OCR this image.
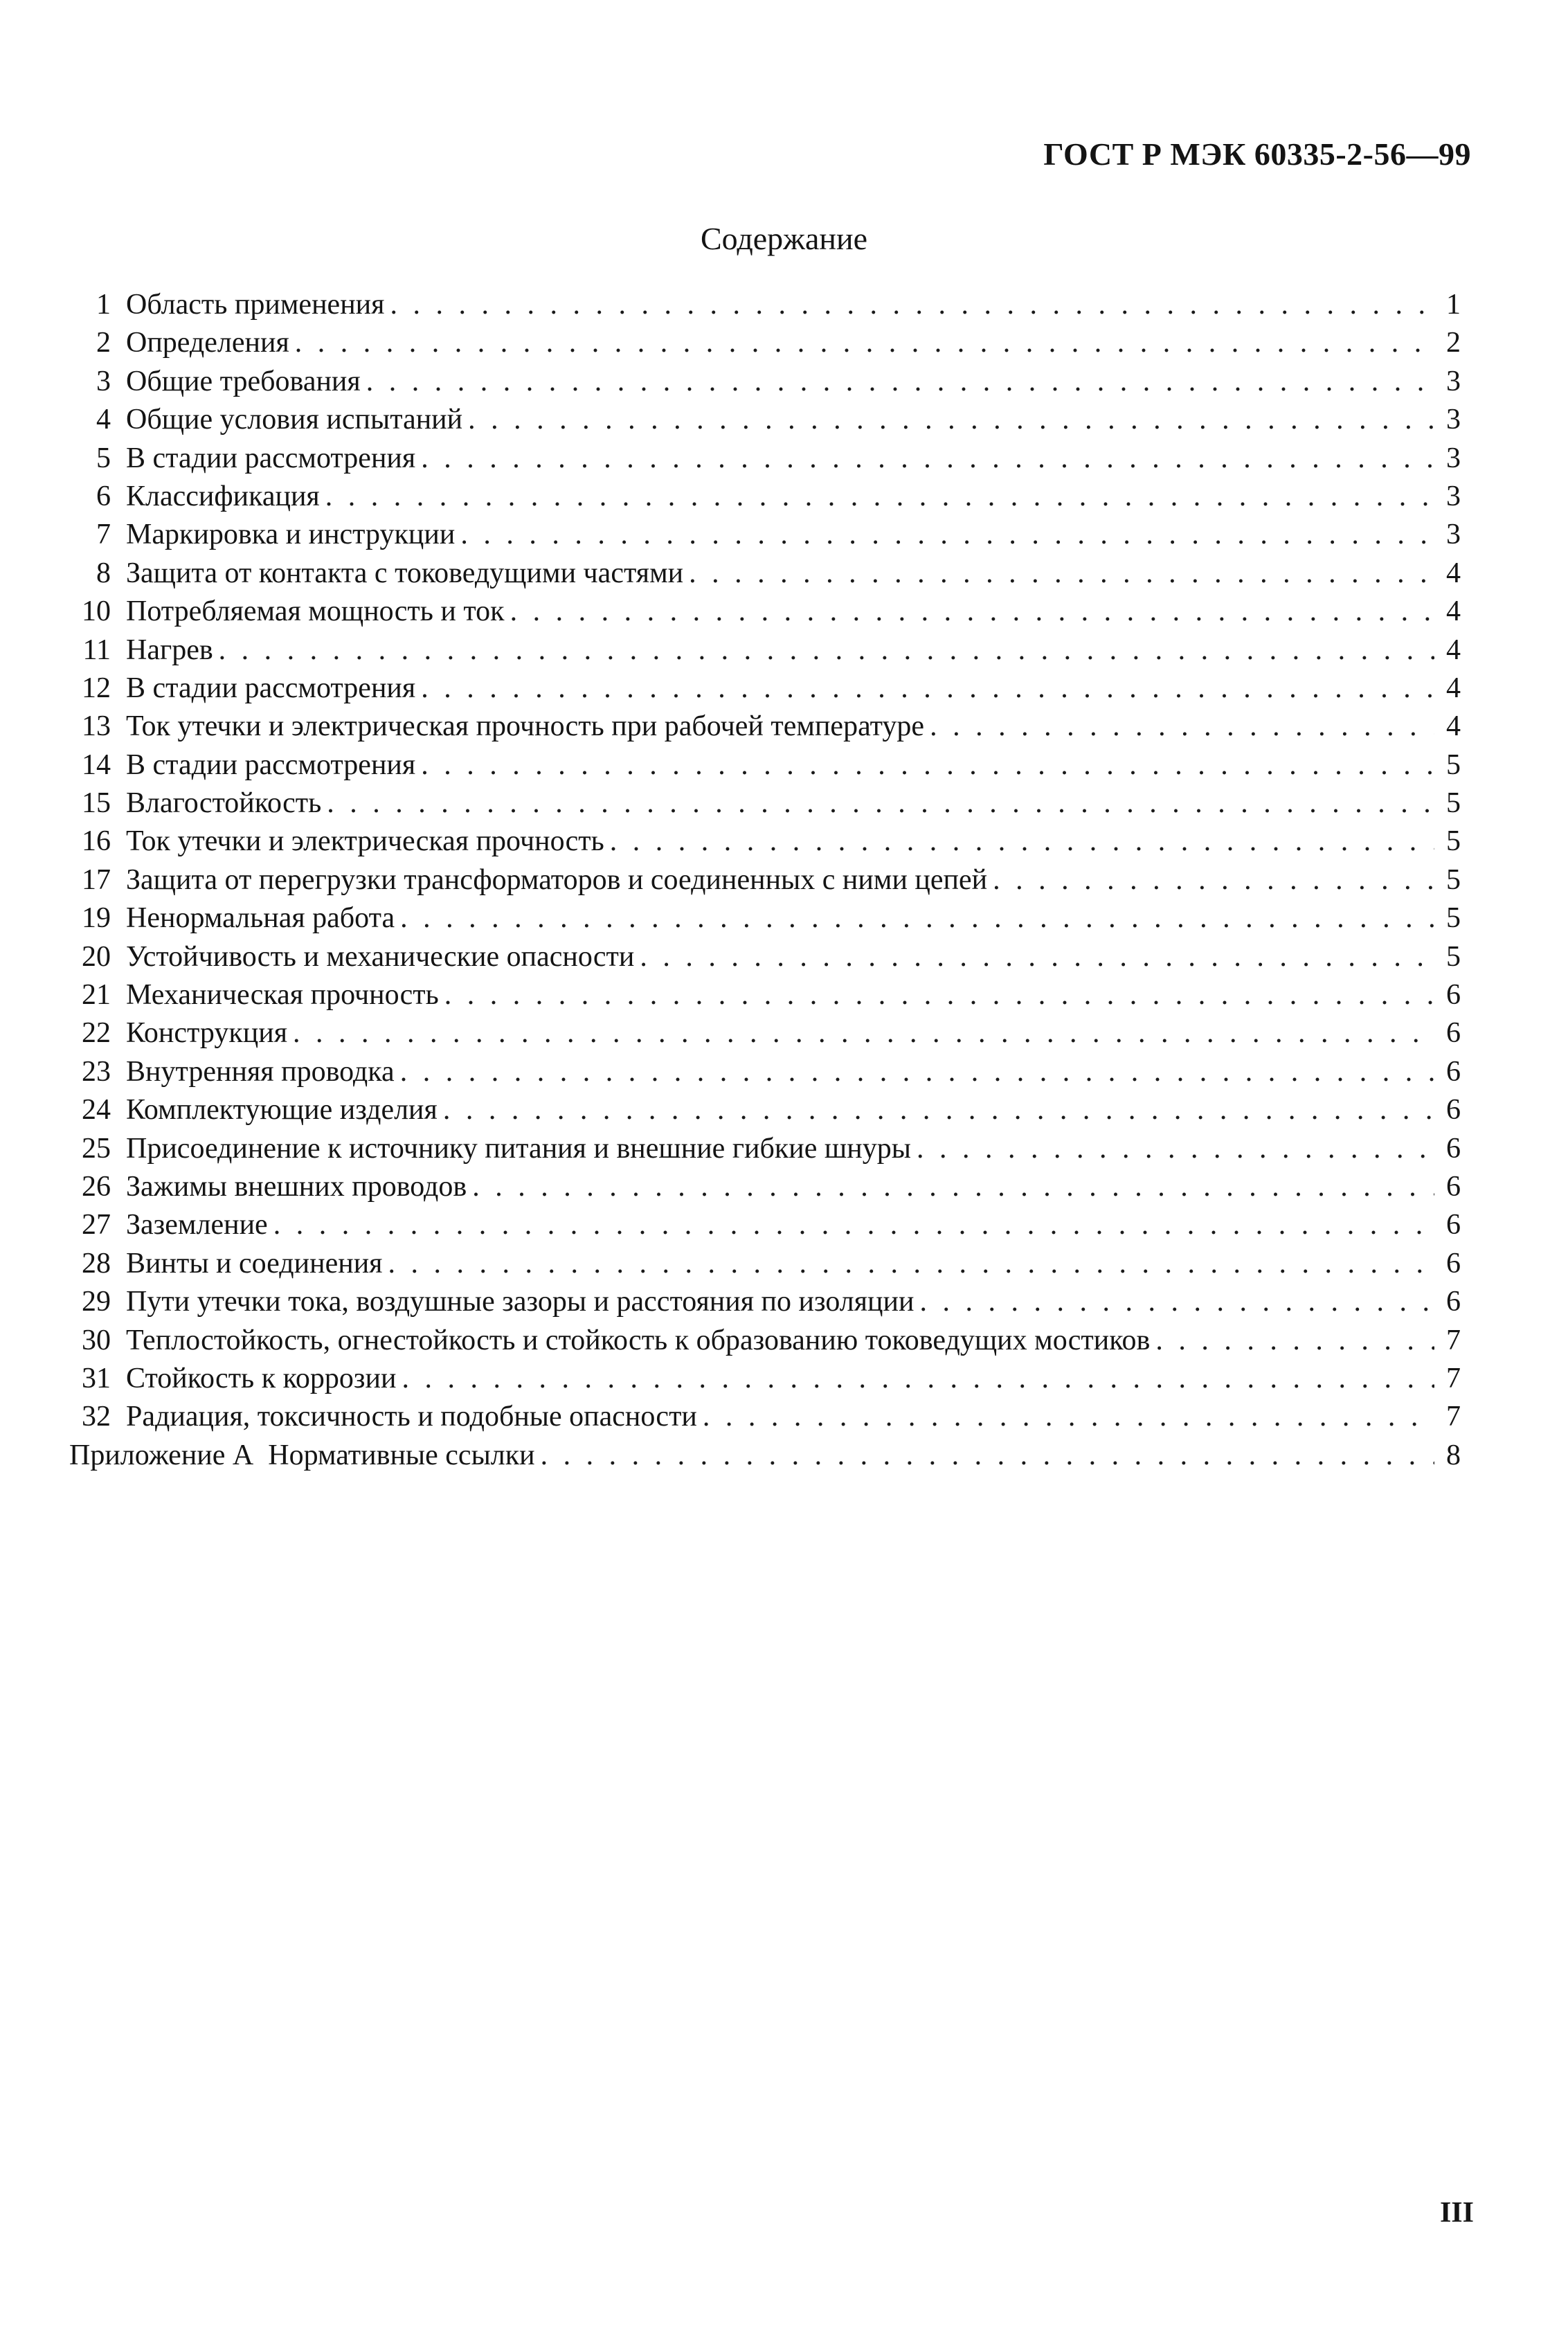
ГОСТ Р МЭК 60335-2-56—99
Содержание
1 Область применения . . .	1
2 Определения . . .	2
3 Общие требования . . .	3
4 Общие условия испытаний . . .	3
5 В стадии рассмотрения . . .	3
6 Классификация . . .	3
7 Маркировка и инструкции . . .	3
8 Защита от контакта с токоведущими частями . . .	4
10 Потребляемая мощность и ток . . .	4
11 Нагрев . . .	4
12 В стадии рассмотрения . . .	4
13 Ток утечки и электрическая прочность при рабочей температуре . . .	4
14 В стадии рассмотрения . . .	5
15 Влагостойкость . . .	5
16 Ток утечки и электрическая прочность . . .	5
17 Защита от перегрузки трансформаторов и соединенных с ними цепей . . .	5
19 Ненормальная работа . . .	5
20 Устойчивость и механические опасности . . .	5
21 Механическая прочность . . .	6
22 Конструкция . . .	6
23 Внутренняя проводка . . .	6
24 Комплектующие изделия . . .	6
25 Присоединение к источнику питания и внешние гибкие шнуры . . .	6
26 Зажимы внешних проводов . . .	6
27 Заземление . . .	6
28 Винты и соединения . . .	6
29 Пути утечки тока, воздушные зазоры и расстояния по изоляции . . .	6
30 Теплостойкость, огнестойкость и стойкость к образованию токоведущих мостиков . . .	7
31 Стойкость к коррозии . . .	7
32 Радиация, токсичность и подобные опасности . . .	7
Приложение А  Нормативные ссылки . . .	8
III
